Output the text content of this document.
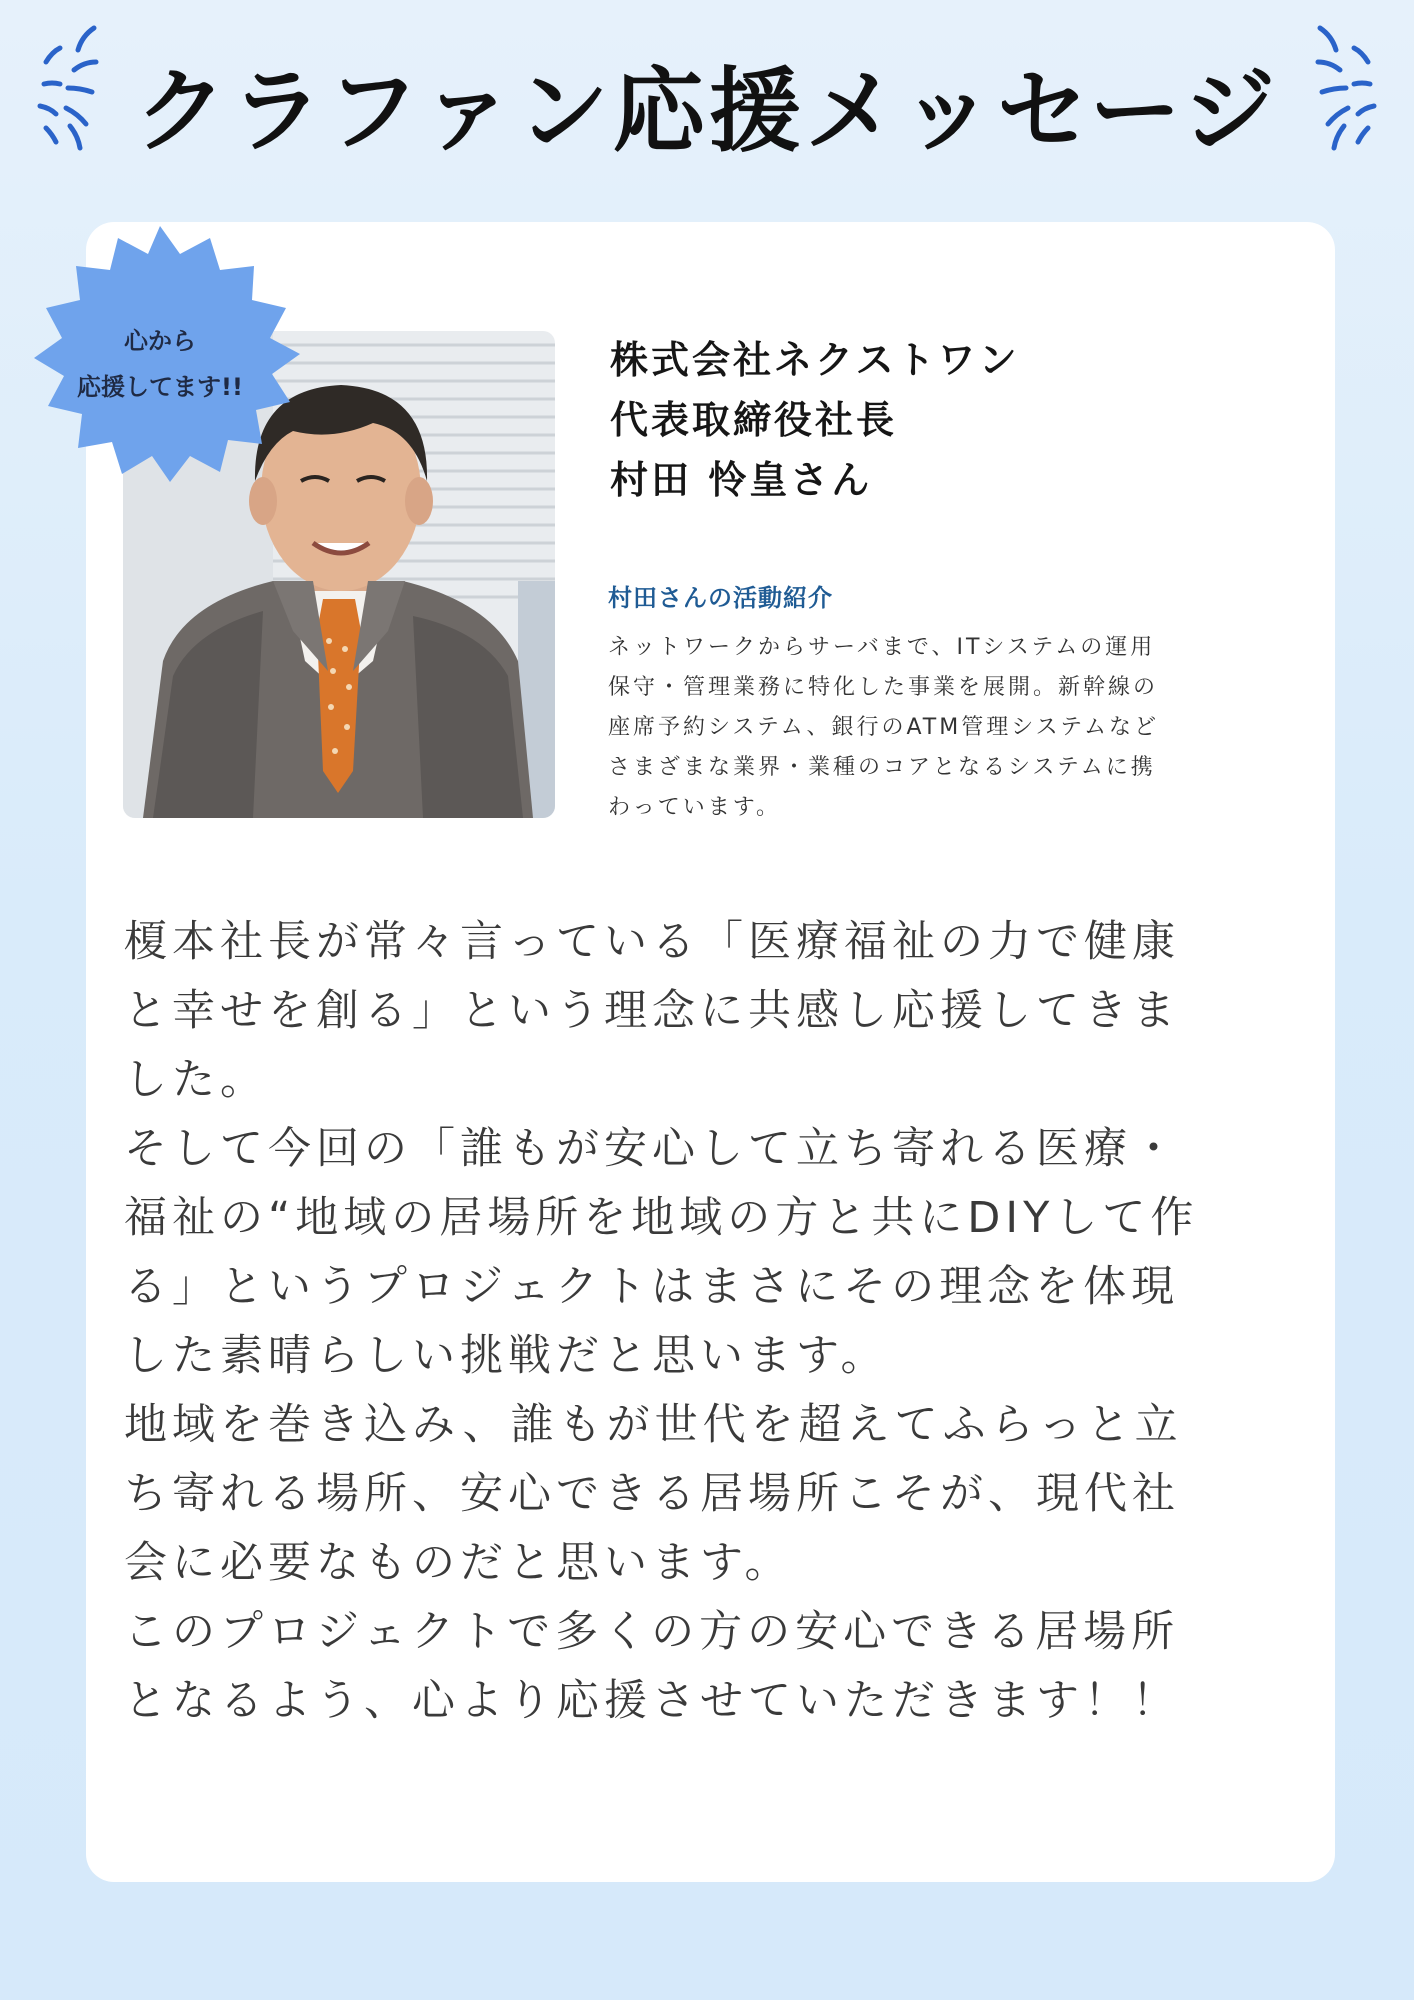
クラファン応援メッセージ
心から
応援してます!!
株式会社ネクストワン
代表取締役社長
村田 怜皇さん
村田さんの活動紹介
ネットワークからサーバまで、ITシステムの運用
保守・管理業務に特化した事業を展開。新幹線の
座席予約システム、銀行のATM管理システムなど
さまざまな業界・業種のコアとなるシステムに携
わっています。
榎本社長が常々言っている「医療福祉の力で健康
と幸せを創る」という理念に共感し応援してきま
した。
そして今回の「誰もが安心して立ち寄れる医療・
福祉の“地域の居場所を地域の方と共にDIYして作
る」というプロジェクトはまさにその理念を体現
した素晴らしい挑戦だと思います。
地域を巻き込み、誰もが世代を超えてふらっと立
ち寄れる場所、安心できる居場所こそが、現代社
会に必要なものだと思います。
このプロジェクトで多くの方の安心できる居場所
となるよう、心より応援させていただきます！！
